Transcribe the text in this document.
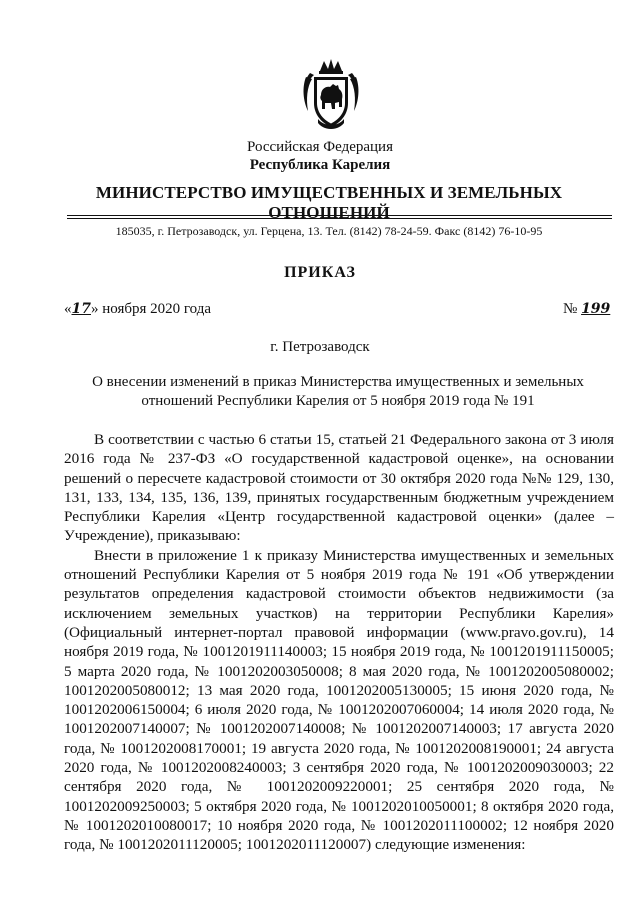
Российская Федерация
Республика Карелия
МИНИСТЕРСТВО ИМУЩЕСТВЕННЫХ И ЗЕМЕЛЬНЫХ ОТНОШЕНИЙ
185035, г. Петрозаводск, ул. Герцена, 13. Тел. (8142) 78-24-59. Факс (8142) 76-10-95
ПРИКАЗ
«17» ноября 2020 года	№ 199
г. Петрозаводск
О внесении изменений в приказ Министерства имущественных и земельных отношений Республики Карелия от 5 ноября 2019 года № 191

В соответствии с частью 6 статьи 15, статьей 21 Федерального закона от 3 июля 2016 года № 237-ФЗ «О государственной кадастровой оценке», на основании решений о пересчете кадастровой стоимости от 30 октября 2020 года №№ 129, 130, 131, 133, 134, 135, 136, 139, принятых государственным бюджетным учреждением Республики Карелия «Центр государственной кадастровой оценки» (далее – Учреждение), приказываю:

Внести в приложение 1 к приказу Министерства имущественных и земельных отношений Республики Карелия от 5 ноября 2019 года № 191 «Об утверждении результатов определения кадастровой стоимости объектов недвижимости (за исключением земельных участков) на территории Республики Карелия» (Официальный интернет-портал правовой информации (www.pravo.gov.ru), 14 ноября 2019 года, № 1001201911140003; 15 ноября 2019 года, № 1001201911150005; 5 марта 2020 года, № 1001202003050008; 8 мая 2020 года, № 1001202005080002; 1001202005080012; 13 мая 2020 года, 1001202005130005; 15 июня 2020 года, № 1001202006150004; 6 июля 2020 года, № 1001202007060004; 14 июля 2020 года, № 1001202007140007; № 1001202007140008; № 1001202007140003; 17 августа 2020 года, № 1001202008170001; 19 августа 2020 года, № 1001202008190001; 24 августа 2020 года, № 1001202008240003; 3 сентября 2020 года, № 1001202009030003; 22 сентября 2020 года, № 1001202009220001; 25 сентября 2020 года, № 1001202009250003; 5 октября 2020 года, № 1001202010050001; 8 октября 2020 года, № 1001202010080017; 10 ноября 2020 года, № 1001202011100002; 12 ноября 2020 года, № 1001202011120005; 1001202011120007) следующие изменения:
